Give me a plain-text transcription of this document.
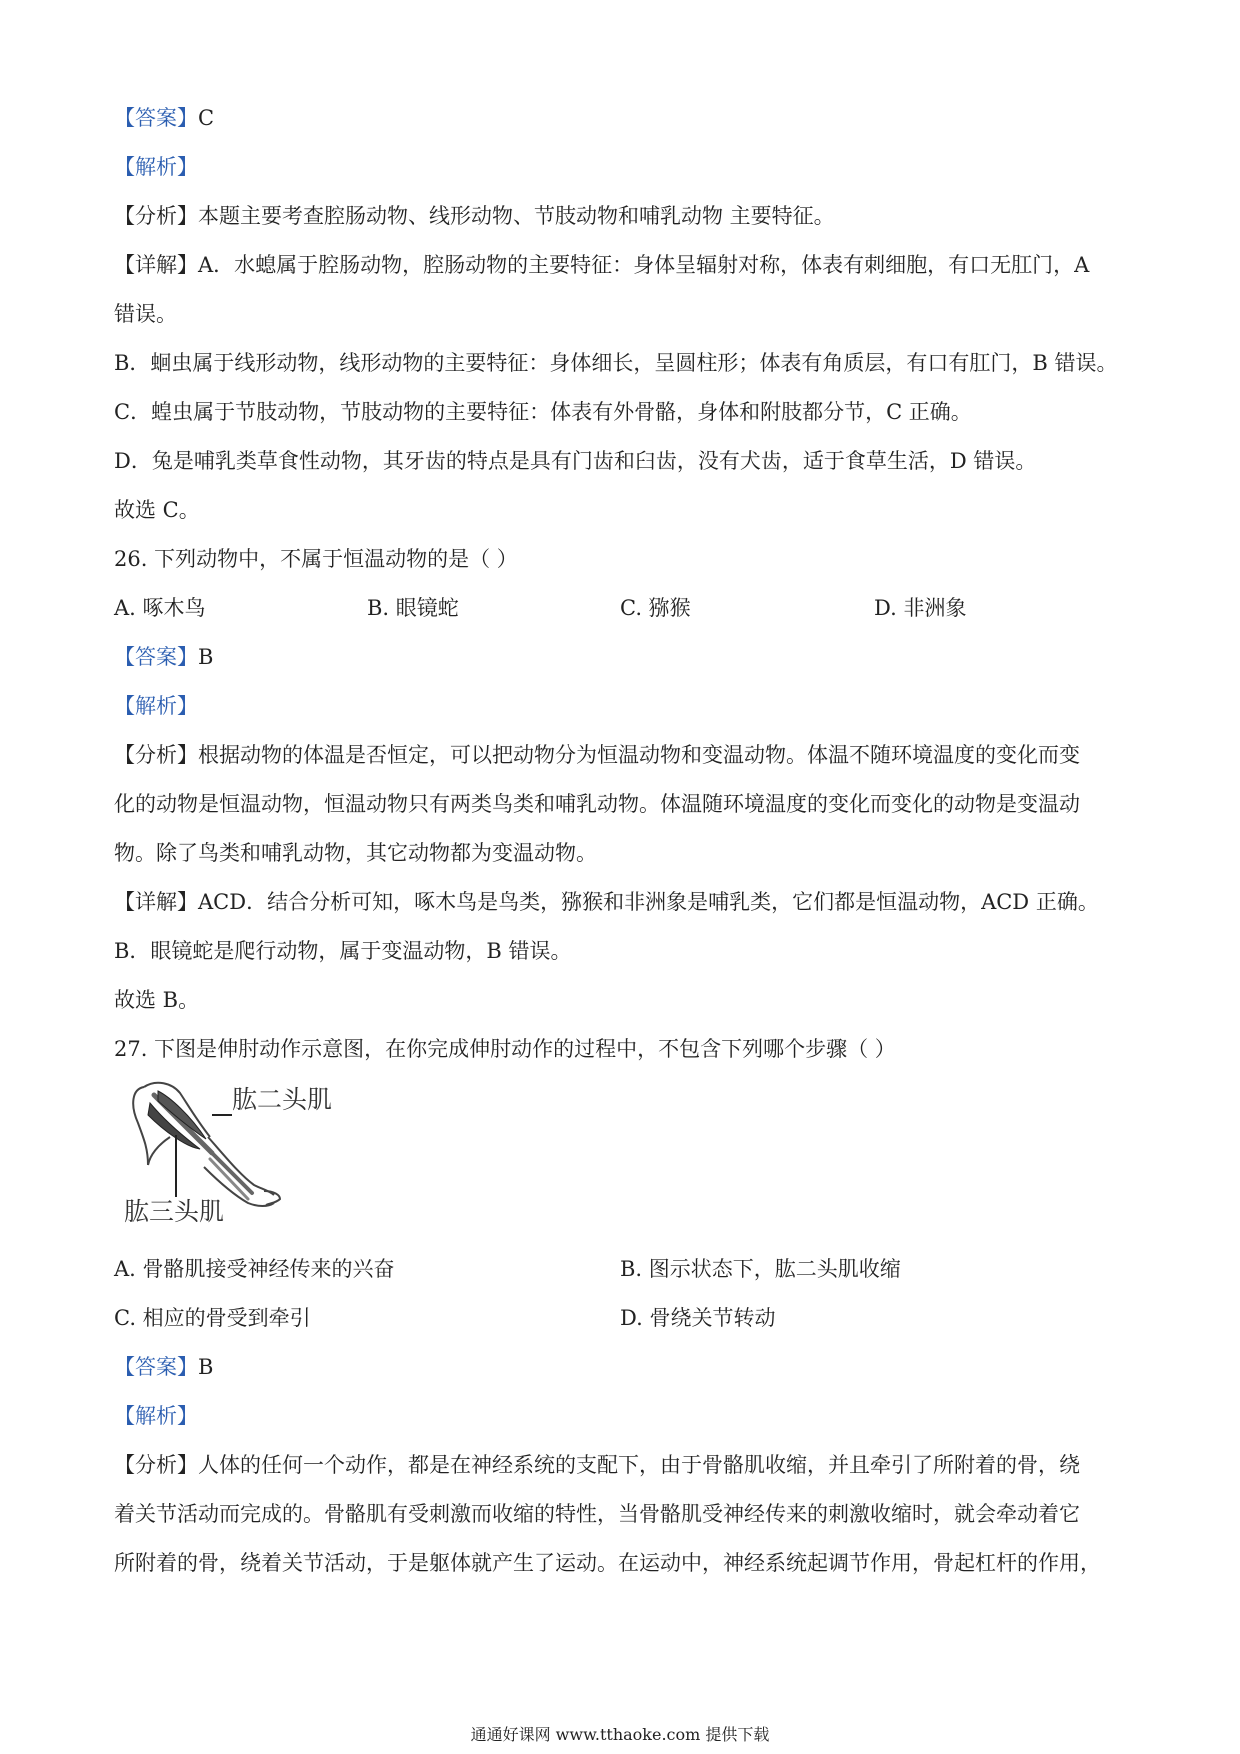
【答案】C
【解析】
【分析】本题主要考查腔肠动物、线形动物、节肢动物和哺乳动物 主要特征。
【详解】A．水螅属于腔肠动物，腔肠动物的主要特征：身体呈辐射对称，体表有刺细胞，有口无肛门，A
错误。
B．蛔虫属于线形动物，线形动物的主要特征：身体细长，呈圆柱形；体表有角质层，有口有肛门，B 错误。
C．蝗虫属于节肢动物，节肢动物的主要特征：体表有外骨骼，身体和附肢都分节，C 正确。
D．兔是哺乳类草食性动物，其牙齿的特点是具有门齿和臼齿，没有犬齿，适于食草生活，D 错误。
故选 C。
26. 下列动物中，不属于恒温动物的是（ ）
A. 啄木鸟	B. 眼镜蛇	C. 猕猴	D. 非洲象
【答案】B
【解析】
【分析】根据动物的体温是否恒定，可以把动物分为恒温动物和变温动物。体温不随环境温度的变化而变
化的动物是恒温动物，恒温动物只有两类鸟类和哺乳动物。体温随环境温度的变化而变化的动物是变温动
物。除了鸟类和哺乳动物，其它动物都为变温动物。
【详解】ACD．结合分析可知，啄木鸟是鸟类，猕猴和非洲象是哺乳类，它们都是恒温动物，ACD 正确。
B．眼镜蛇是爬行动物，属于变温动物，B 错误。
故选 B。
27. 下图是伸肘动作示意图，在你完成伸肘动作的过程中，不包含下列哪个步骤（ ）
肱二头肌
肱三头肌
A. 骨骼肌接受神经传来的兴奋	B. 图示状态下，肱二头肌收缩
C. 相应的骨受到牵引	D. 骨绕关节转动
【答案】B
【解析】
【分析】人体的任何一个动作，都是在神经系统的支配下，由于骨骼肌收缩，并且牵引了所附着的骨，绕
着关节活动而完成的。骨骼肌有受刺激而收缩的特性，当骨骼肌受神经传来的刺激收缩时，就会牵动着它
所附着的骨，绕着关节活动，于是躯体就产生了运动。在运动中，神经系统起调节作用，骨起杠杆的作用，
通通好课网 www.tthaoke.com 提供下载
